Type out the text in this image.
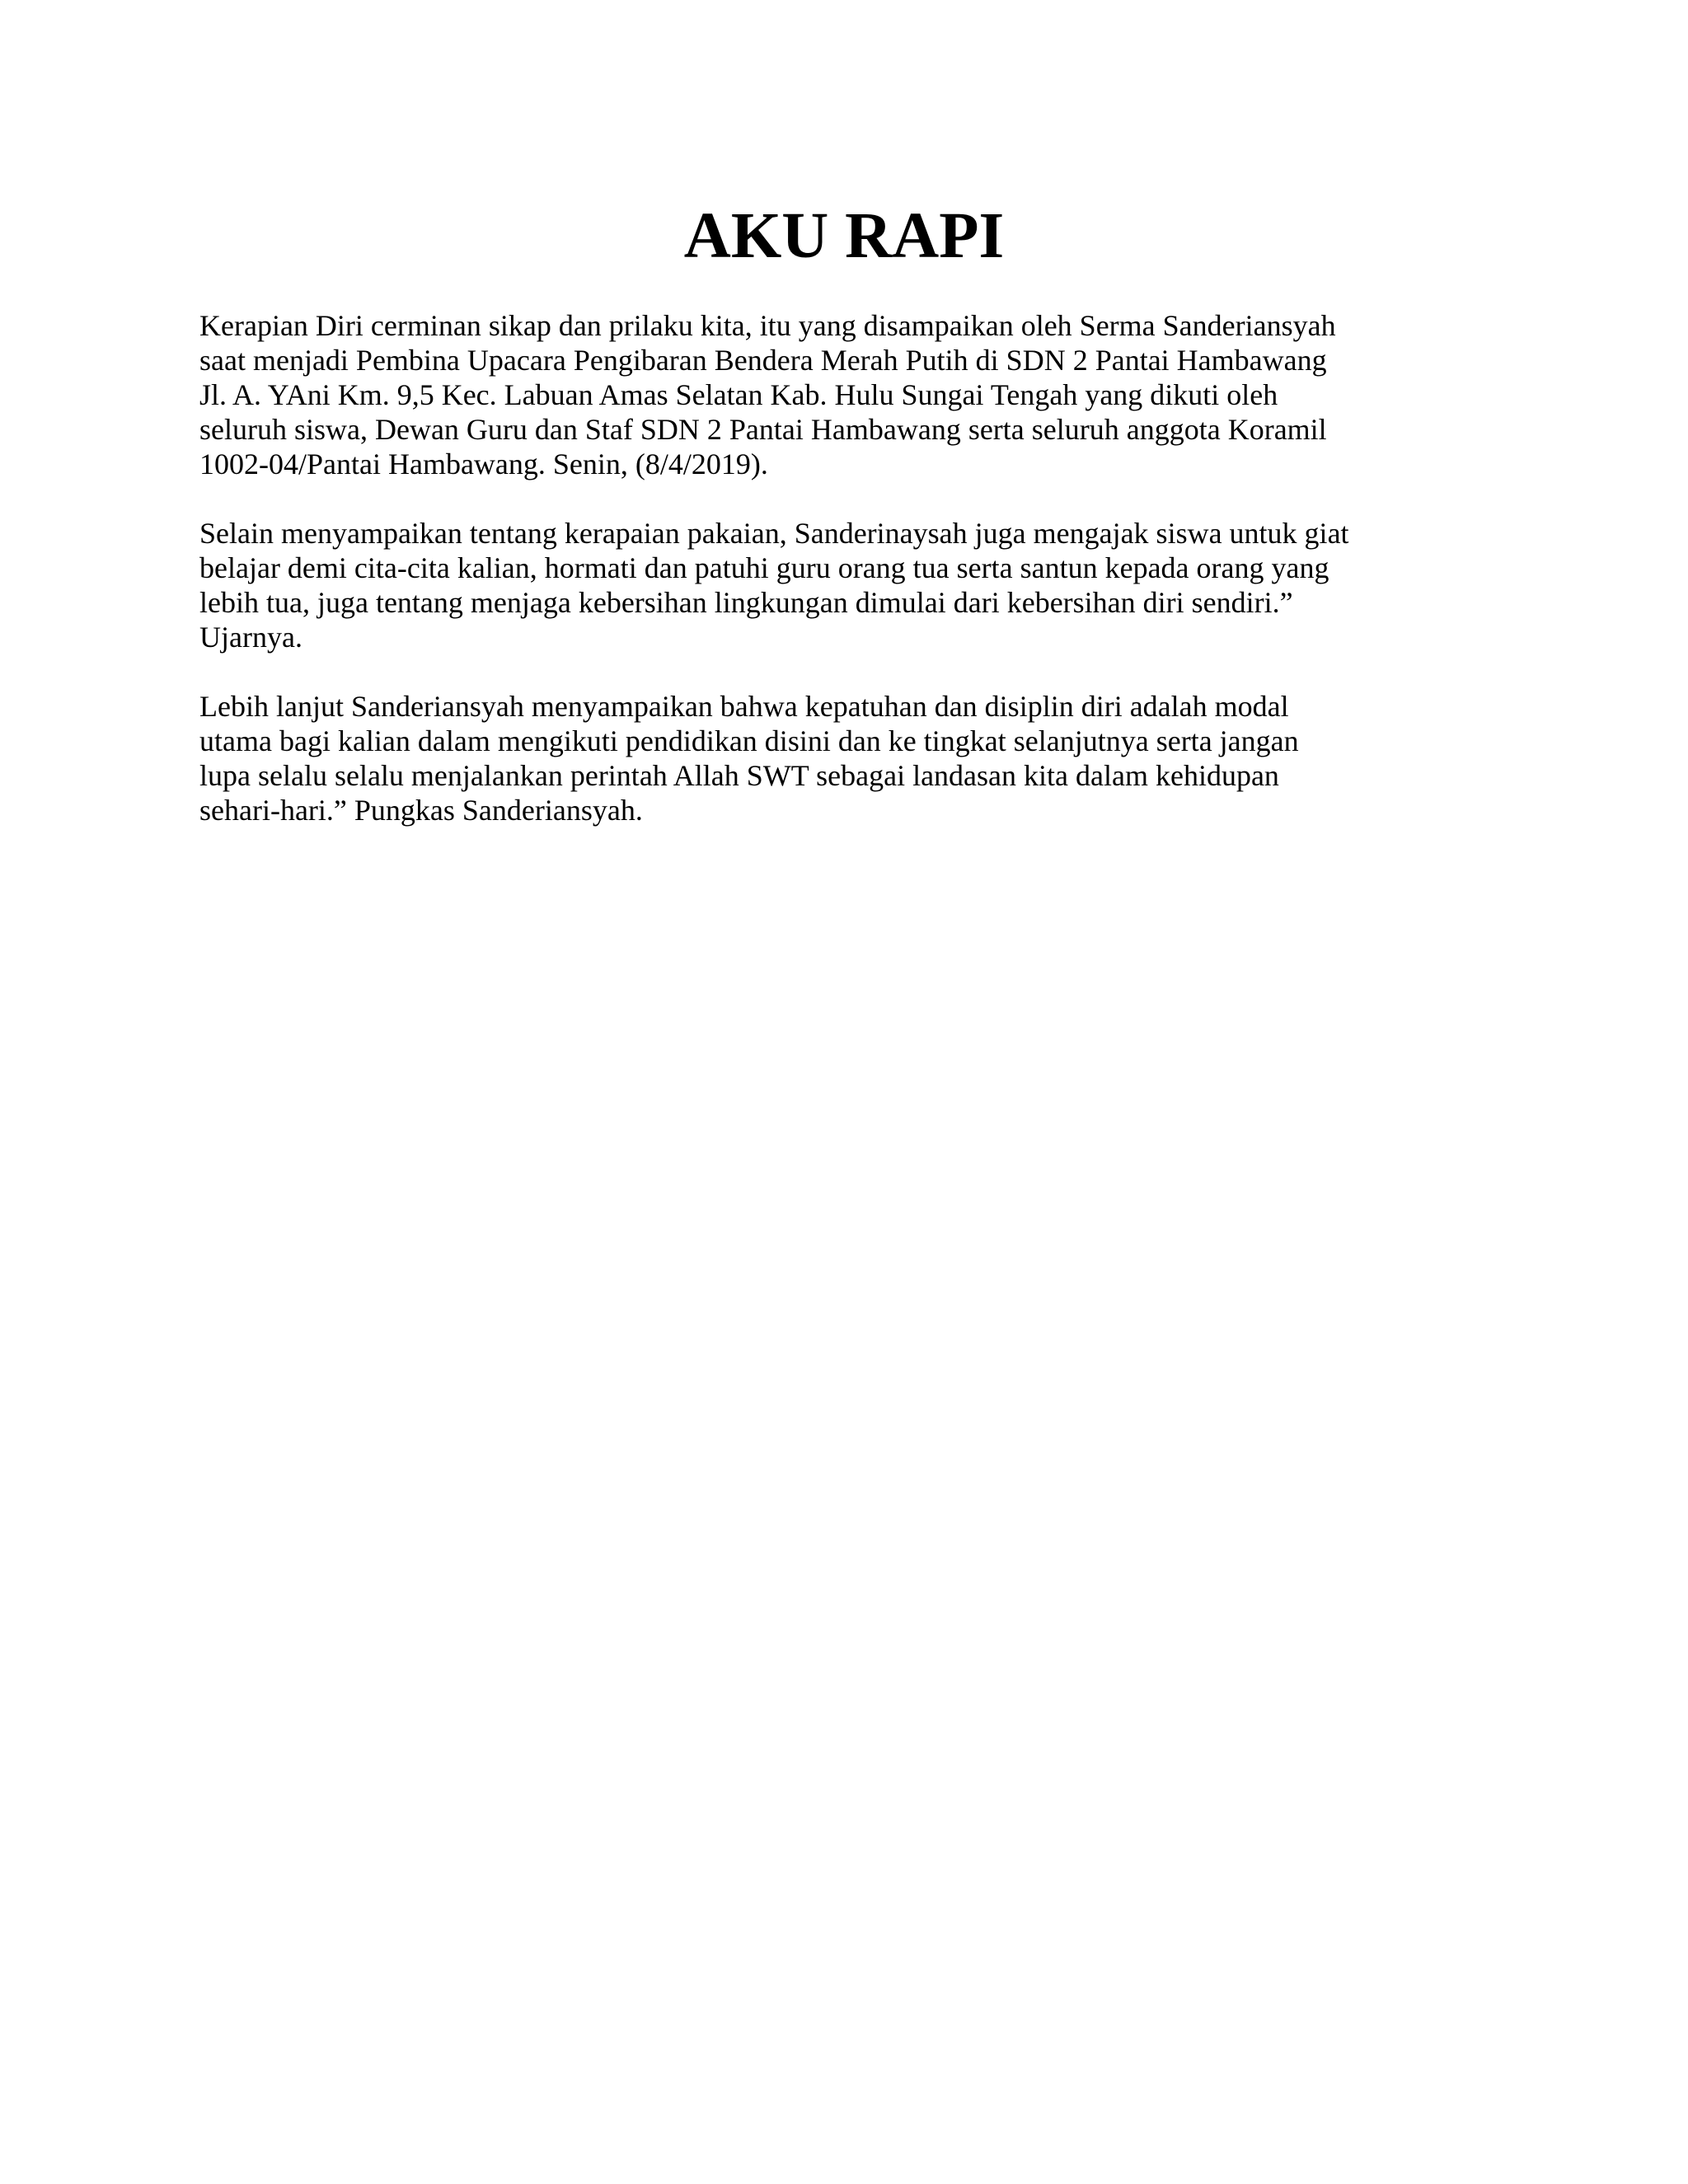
AKU RAPI

Kerapian Diri cerminan sikap dan prilaku kita, itu yang disampaikan oleh Serma Sanderiansyah
saat menjadi Pembina Upacara Pengibaran Bendera Merah Putih di SDN 2 Pantai Hambawang
Jl. A. YAni Km. 9,5 Kec. Labuan Amas Selatan Kab. Hulu Sungai Tengah yang dikuti oleh
seluruh siswa, Dewan Guru dan Staf SDN 2 Pantai Hambawang serta seluruh anggota Koramil
1002-04/Pantai Hambawang. Senin, (8/4/2019).

Selain menyampaikan tentang kerapaian pakaian, Sanderinaysah juga mengajak siswa untuk giat
belajar demi cita-cita kalian, hormati dan patuhi guru orang tua serta santun kepada orang yang
lebih tua, juga tentang menjaga kebersihan lingkungan dimulai dari kebersihan diri sendiri.”
Ujarnya.

Lebih lanjut Sanderiansyah menyampaikan bahwa kepatuhan dan disiplin diri adalah modal
utama bagi kalian dalam mengikuti pendidikan disini dan ke tingkat selanjutnya serta jangan
lupa selalu selalu menjalankan perintah Allah SWT sebagai landasan kita dalam kehidupan
sehari-hari.” Pungkas Sanderiansyah.
